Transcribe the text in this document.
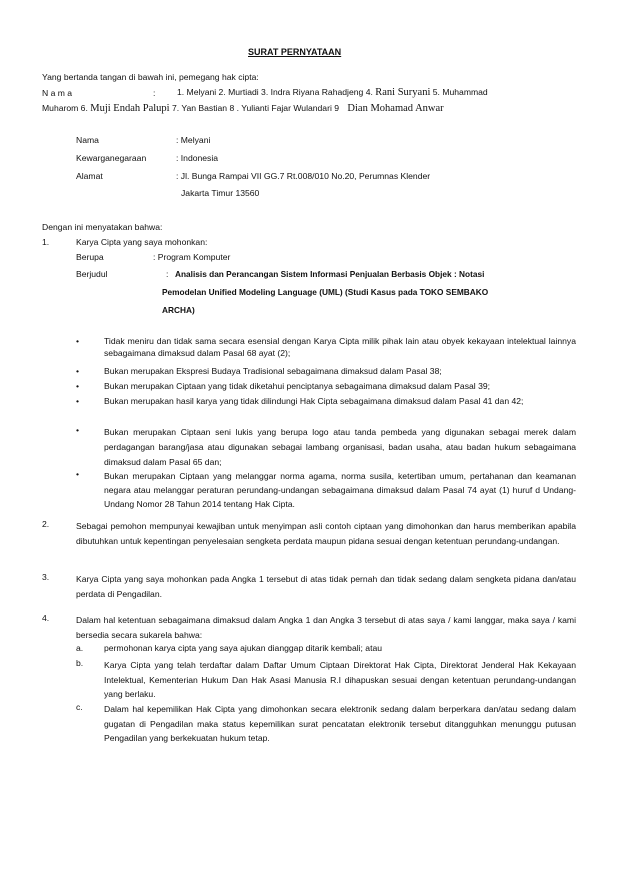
SURAT PERNYATAAN
Yang bertanda tangan di bawah ini, pemegang hak cipta:
N a m a	:	1. Melyani 2. Murtiadi 3. Indra Riyana Rahadjeng 4. Rani Suryani 5. Muhammad
Muharom 6. Muji Endah Palupi 7. Yan Bastian 8 . Yulianti Fajar Wulandari 9 Dian Mohamad Anwar
Nama	: Melyani
Kewarganegaraan	: Indonesia
Alamat	: Jl. Bunga Rampai VII GG.7 Rt.008/010 No.20, Perumnas Klender
Jakarta Timur 13560
Dengan ini menyatakan bahwa:
1.	Karya Cipta yang saya mohonkan:
Berupa	: Program Komputer
Berjudul	: Analisis dan Perancangan Sistem Informasi Penjualan Berbasis Objek : Notasi
Pemodelan Unified Modeling Language (UML) (Studi Kasus pada TOKO SEMBAKO
ARCHA)
•	Tidak meniru dan tidak sama secara esensial dengan Karya Cipta milik pihak lain atau obyek kekayaan intelektual lainnya sebagaimana dimaksud dalam Pasal 68 ayat (2);
•	Bukan merupakan Ekspresi Budaya Tradisional sebagaimana dimaksud dalam Pasal 38;
•	Bukan merupakan Ciptaan yang tidak diketahui penciptanya sebagaimana dimaksud dalam Pasal 39;
•	Bukan merupakan hasil karya yang tidak dilindungi Hak Cipta sebagaimana dimaksud dalam Pasal 41 dan 42;
•	Bukan merupakan Ciptaan seni lukis yang berupa logo atau tanda pembeda yang digunakan sebagai merek dalam perdagangan barang/jasa atau digunakan sebagai lambang organisasi, badan usaha, atau badan hukum sebagaimana dimaksud dalam Pasal 65 dan;
•	Bukan merupakan Ciptaan yang melanggar norma agama, norma susila, ketertiban umum, pertahanan dan keamanan negara atau melanggar peraturan perundang-undangan sebagaimana dimaksud dalam Pasal 74 ayat (1) huruf d Undang-Undang Nomor 28 Tahun 2014 tentang Hak Cipta.
2.	Sebagai pemohon mempunyai kewajiban untuk menyimpan asli contoh ciptaan yang dimohonkan dan harus memberikan apabila dibutuhkan untuk kepentingan penyelesaian sengketa perdata maupun pidana sesuai dengan ketentuan perundang-undangan.
3.	Karya Cipta yang saya mohonkan pada Angka 1 tersebut di atas tidak pernah dan tidak sedang dalam sengketa pidana dan/atau perdata di Pengadilan.
4.	Dalam hal ketentuan sebagaimana dimaksud dalam Angka 1 dan Angka 3 tersebut di atas saya / kami langgar, maka saya / kami bersedia secara sukarela bahwa:
a. permohonan karya cipta yang saya ajukan dianggap ditarik kembali; atau
b. Karya Cipta yang telah terdaftar dalam Daftar Umum Ciptaan Direktorat Hak Cipta, Direktorat Jenderal Hak Kekayaan Intelektual, Kementerian Hukum Dan Hak Asasi Manusia R.I dihapuskan sesuai dengan ketentuan perundang-undangan yang berlaku.
c. Dalam hal kepemilikan Hak Cipta yang dimohonkan secara elektronik sedang dalam berperkara dan/atau sedang dalam gugatan di Pengadilan maka status kepemilikan surat pencatatan elektronik tersebut ditangguhkan menunggu putusan Pengadilan yang berkekuatan hukum tetap.
